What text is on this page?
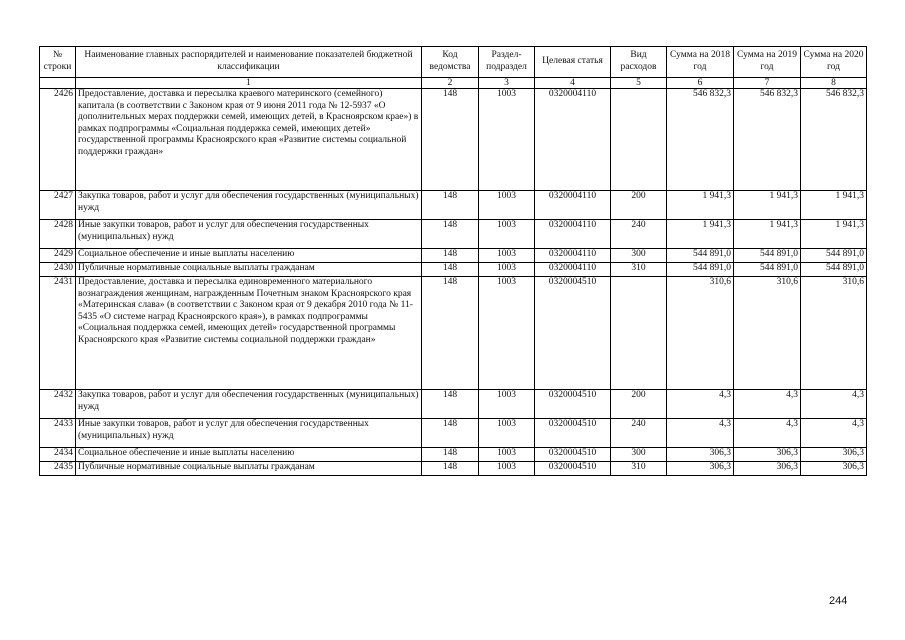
№ строки	Наименование главных распорядителей и наименование показателей бюджетной классификации	Код ведомства	Раздел-подраздел	Целевая статья	Вид расходов	Сумма на 2018 год	Сумма на 2019 год	Сумма на 2020 год
	1	2	3	4	5	6	7	8
2426	Предоставление, доставка и пересылка краевого материнского (семейного) капитала (в соответствии с Законом края от 9 июня 2011 года № 12-5937 «О дополнительных мерах поддержки семей, имеющих детей, в Красноярском крае») в рамках подпрограммы «Социальная поддержка семей, имеющих детей» государственной программы Красноярского края «Развитие системы социальной поддержки граждан»	148	1003	0320004110		546 832,3	546 832,3	546 832,3
2427	Закупка товаров, работ и услуг для обеспечения государственных (муниципальных) нужд	148	1003	0320004110	200	1 941,3	1 941,3	1 941,3
2428	Иные закупки товаров, работ и услуг для обеспечения государственных (муниципальных) нужд	148	1003	0320004110	240	1 941,3	1 941,3	1 941,3
2429	Социальное обеспечение и иные выплаты населению	148	1003	0320004110	300	544 891,0	544 891,0	544 891,0
2430	Публичные нормативные социальные выплаты гражданам	148	1003	0320004110	310	544 891,0	544 891,0	544 891,0
2431	Предоставление, доставка и пересылка единовременного материального вознаграждения женщинам, награжденным Почетным знаком Красноярского края «Материнская слава» (в соответствии с Законом края от 9 декабря 2010 года № 11-5435 «О системе наград Красноярского края»), в рамках подпрограммы «Социальная поддержка семей, имеющих детей» государственной программы Красноярского края «Развитие системы социальной поддержки граждан»	148	1003	0320004510		310,6	310,6	310,6
2432	Закупка товаров, работ и услуг для обеспечения государственных (муниципальных) нужд	148	1003	0320004510	200	4,3	4,3	4,3
2433	Иные закупки товаров, работ и услуг для обеспечения государственных (муниципальных) нужд	148	1003	0320004510	240	4,3	4,3	4,3
2434	Социальное обеспечение и иные выплаты населению	148	1003	0320004510	300	306,3	306,3	306,3
2435	Публичные нормативные социальные выплаты гражданам	148	1003	0320004510	310	306,3	306,3	306,3
244
